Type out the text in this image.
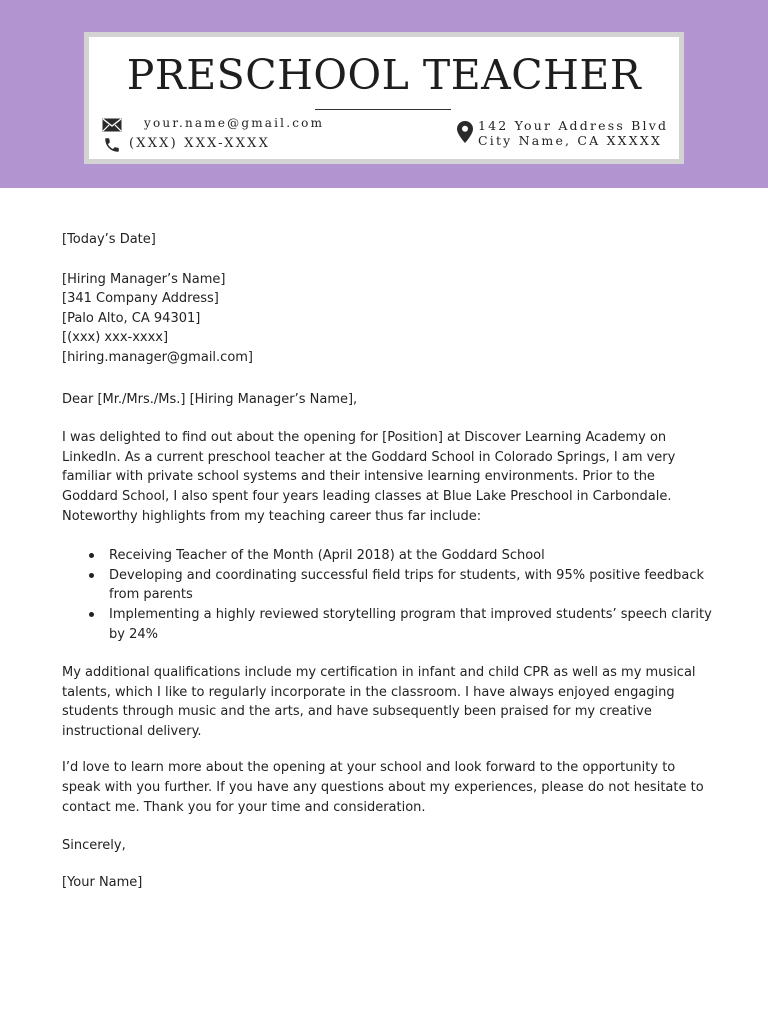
PRESCHOOL TEACHER
your.name@gmail.com
(XXX) XXX-XXXX
142 Your Address Blvd
City Name, CA XXXXX

[Today’s Date]

[Hiring Manager’s Name]

[341 Company Address]

[Palo Alto, CA 94301]

[(xxx) xxx-xxxx]

[hiring.manager@gmail.com]

Dear [Mr./Mrs./Ms.] [Hiring Manager’s Name],

I was delighted to find out about the opening for [Position] at Discover Learning Academy on LinkedIn. As a current preschool teacher at the Goddard School in Colorado Springs, I am very familiar with private school systems and their intensive learning environments. Prior to the Goddard School, I also spent four years leading classes at Blue Lake Preschool in Carbondale. Noteworthy highlights from my teaching career thus far include:

Receiving Teacher of the Month (April 2018) at the Goddard School
Developing and coordinating successful field trips for students, with 95% positive feedback from parents
Implementing a highly reviewed storytelling program that improved students’ speech clarity by 24%

My additional qualifications include my certification in infant and child CPR as well as my musical talents, which I like to regularly incorporate in the classroom. I have always enjoyed engaging students through music and the arts, and have subsequently been praised for my creative instructional delivery.

I’d love to learn more about the opening at your school and look forward to the opportunity to speak with you further. If you have any questions about my experiences, please do not hesitate to contact me. Thank you for your time and consideration.

Sincerely,

[Your Name]
